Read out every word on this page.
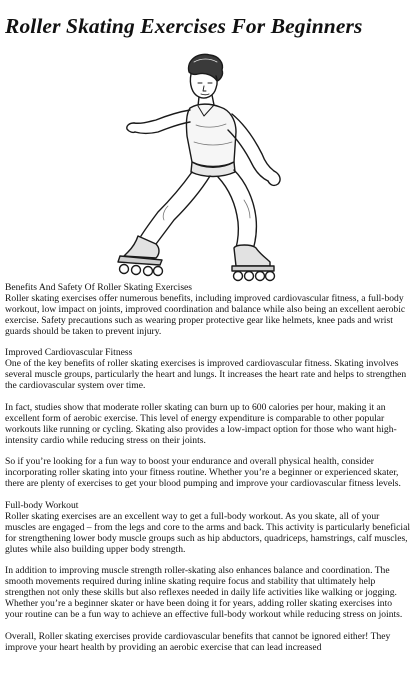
Roller Skating Exercises For Beginners

Benefits And Safety Of Roller Skating Exercises

Roller skating exercises offer numerous benefits, including improved cardiovascular fitness, a full-body workout, low impact on joints, improved coordination and balance while also being an excellent aerobic exercise. Safety precautions such as wearing proper protective gear like helmets, knee pads and wrist guards should be taken to prevent injury.

Improved Cardiovascular Fitness

One of the key benefits of roller skating exercises is improved cardiovascular fitness. Skating involves several muscle groups, particularly the heart and lungs. It increases the heart rate and helps to strengthen the cardiovascular system over time.

In fact, studies show that moderate roller skating can burn up to 600 calories per hour, making it an excellent form of aerobic exercise. This level of energy expenditure is comparable to other popular workouts like running or cycling. Skating also provides a low-impact option for those who want high-intensity cardio while reducing stress on their joints.

So if you’re looking for a fun way to boost your endurance and overall physical health, consider incorporating roller skating into your fitness routine. Whether you’re a beginner or experienced skater, there are plenty of exercises to get your blood pumping and improve your cardiovascular fitness levels.

Full-body Workout

Roller skating exercises are an excellent way to get a full-body workout. As you skate, all of your muscles are engaged – from the legs and core to the arms and back. This activity is particularly beneficial for strengthening lower body muscle groups such as hip abductors, quadriceps, hamstrings, calf muscles, glutes while also building upper body strength.

In addition to improving muscle strength roller-skating also enhances balance and coordination. The smooth movements required during inline skating require focus and stability that ultimately help strengthen not only these skills but also reflexes needed in daily life activities like walking or jogging. Whether you’re a beginner skater or have been doing it for years, adding roller skating exercises into your routine can be a fun way to achieve an effective full-body workout while reducing stress on joints.

Overall, Roller skating exercises provide cardiovascular benefits that cannot be ignored either! They improve your heart health by providing an aerobic exercise that can lead increased
